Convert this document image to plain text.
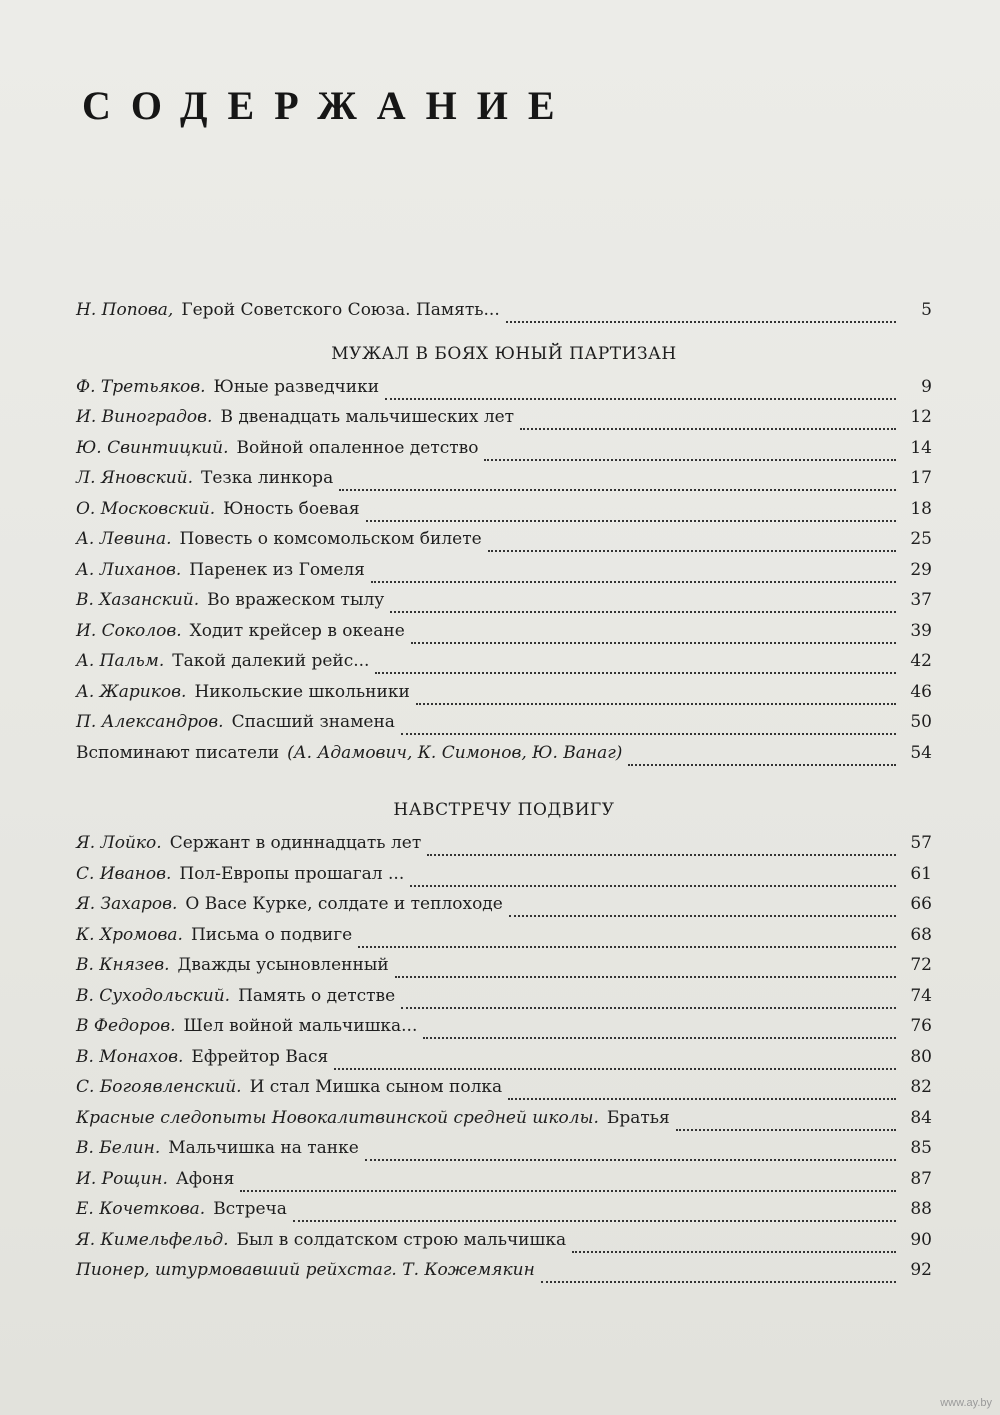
СОДЕРЖАНИЕ
Н. Попова, Герой Советского Союза. Память...	5
МУЖАЛ В БОЯХ ЮНЫЙ ПАРТИЗАН
Ф. Третьяков. Юные разведчики	9
И. Виноградов. В двенадцать мальчишеских лет	12
Ю. Свинтицкий. Войной опаленное детство	14
Л. Яновский. Тезка линкора	17
О. Московский. Юность боевая	18
А. Левина. Повесть о комсомольском билете	25
А. Лиханов. Паренек из Гомеля	29
В. Хазанский. Во вражеском тылу	37
И. Соколов. Ходит крейсер в океане	39
А. Пальм. Такой далекий рейс...	42
А. Жариков. Никольские школьники	46
П. Александров. Спасший знамена	50
Вспоминают писатели (А. Адамович, К. Симонов, Ю. Ванаг)	54
НАВСТРЕЧУ ПОДВИГУ
Я. Лойко. Сержант в одиннадцать лет	57
С. Иванов. Пол-Европы прошагал ...	61
Я. Захаров. О Васе Курке, солдате и теплоходе	66
К. Хромова. Письма о подвиге	68
В. Князев. Дважды усыновленный	72
В. Суходольский. Память о детстве	74
В Федоров. Шел войной мальчишка...	76
В. Монахов. Ефрейтор Вася	80
С. Богоявленский. И стал Мишка сыном полка	82
Красные следопыты Новокалитвинской средней школы. Братья	84
В. Белин. Мальчишка на танке	85
И. Рощин. Афоня	87
Е. Кочеткова. Встреча	88
Я. Кимельфельд. Был в солдатском строю мальчишка	90
Пионер, штурмовавший рейхстаг. Т. Кожемякин	92
www.ay.by
